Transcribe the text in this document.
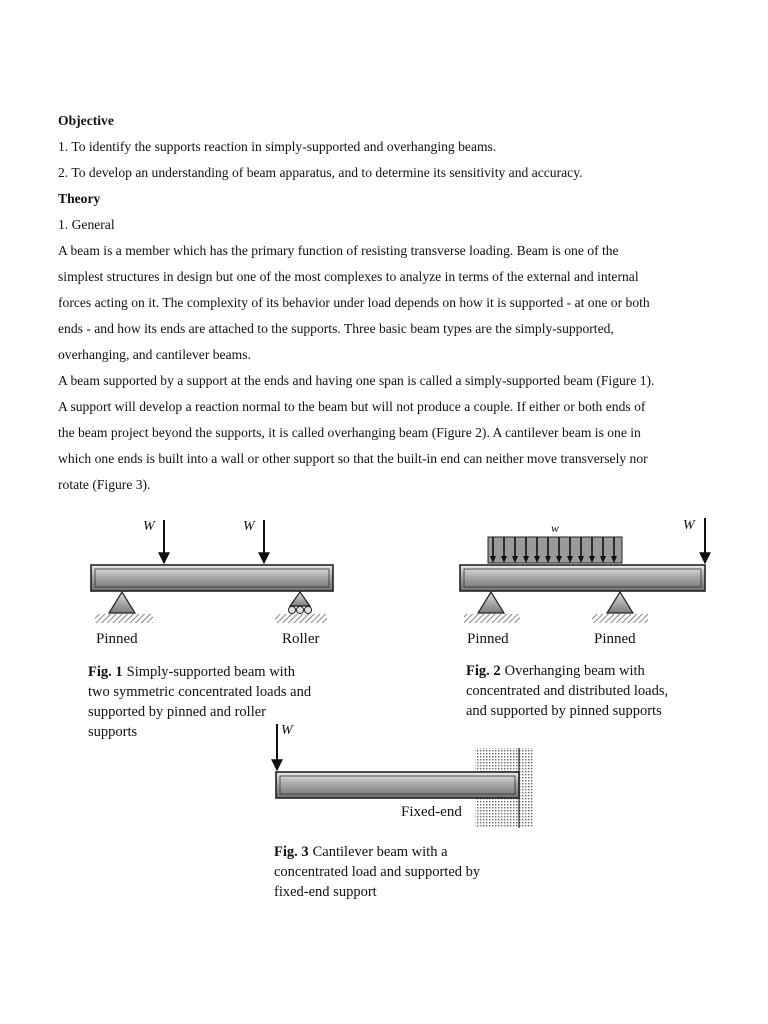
Objective

1. To identify the supports reaction in simply-supported and overhanging beams.

2. To develop an understanding of beam apparatus, and to determine its sensitivity and accuracy.

Theory

1. General

A beam is a member which has the primary function of resisting transverse loading. Beam is one of the

simplest structures in design but one of the most complexes to analyze in terms of the external and internal

forces acting on it. The complexity of its behavior under load depends on how it is supported - at one or both

ends - and how its ends are attached to the supports. Three basic beam types are the simply-supported,

overhanging, and cantilever beams.

A beam supported by a support at the ends and having one span is called a simply-supported beam (Figure 1).

A support will develop a reaction normal to the beam but will not produce a couple. If either or both ends of

the beam project beyond the supports, it is called overhanging beam (Figure 2). A cantilever beam is one in

which one ends is built into a wall or other support so that the built-in end can neither move transversely nor

rotate (Figure 3).

W	W
Pinned	Roller
Fig. 1 Simply-supported beam with
two symmetric concentrated loads and
supported by pinned and roller
supports
w	W
Pinned	Pinned
Fig. 2 Overhanging beam with
concentrated and distributed loads,
and supported by pinned supports
W
Fixed-end
Fig. 3 Cantilever beam with a
concentrated load and supported by
fixed-end support
